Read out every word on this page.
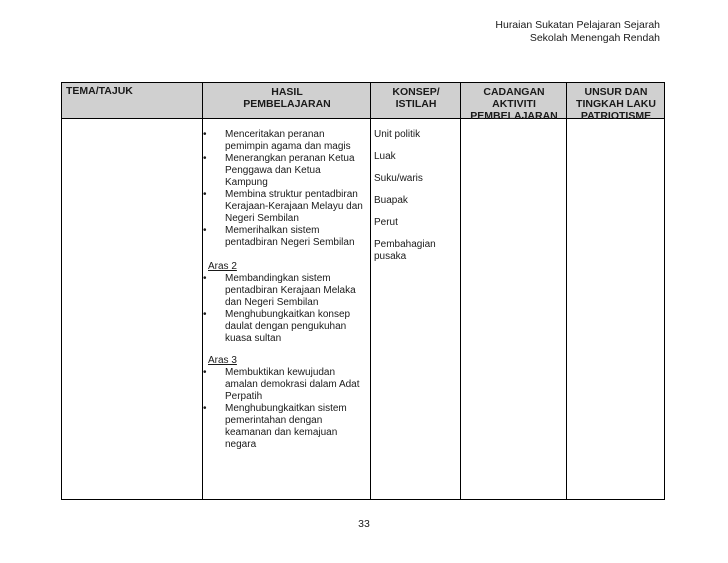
Huraian Sukatan Pelajaran Sejarah
Sekolah Menengah Rendah
TEMA/TAJUK	HASIL
PEMBELAJARAN
KONSEP/
ISTILAH
CADANGAN
AKTIVITI
PEMBELAJARAN
UNSUR DAN
TINGKAH LAKU
PATRIOTISME
• Menceritakan peranan
pemimpin agama dan magis
• Menerangkan peranan Ketua
Penggawa dan Ketua
Kampung
• Membina struktur pentadbiran
Kerajaan-Kerajaan Melayu dan
Negeri Sembilan
• Memerihalkan sistem
pentadbiran Negeri Sembilan
Aras 2
• Membandingkan sistem
pentadbiran Kerajaan Melaka
dan Negeri Sembilan
• Menghubungkaitkan konsep
daulat dengan pengukuhan
kuasa sultan
Aras 3
• Membuktikan kewujudan
amalan demokrasi dalam Adat
Perpatih
• Menghubungkaitkan sistem
pemerintahan dengan
keamanan dan kemajuan
negara
Unit politik
Luak
Suku/waris
Buapak
Perut
Pembahagian
pusaka
33
